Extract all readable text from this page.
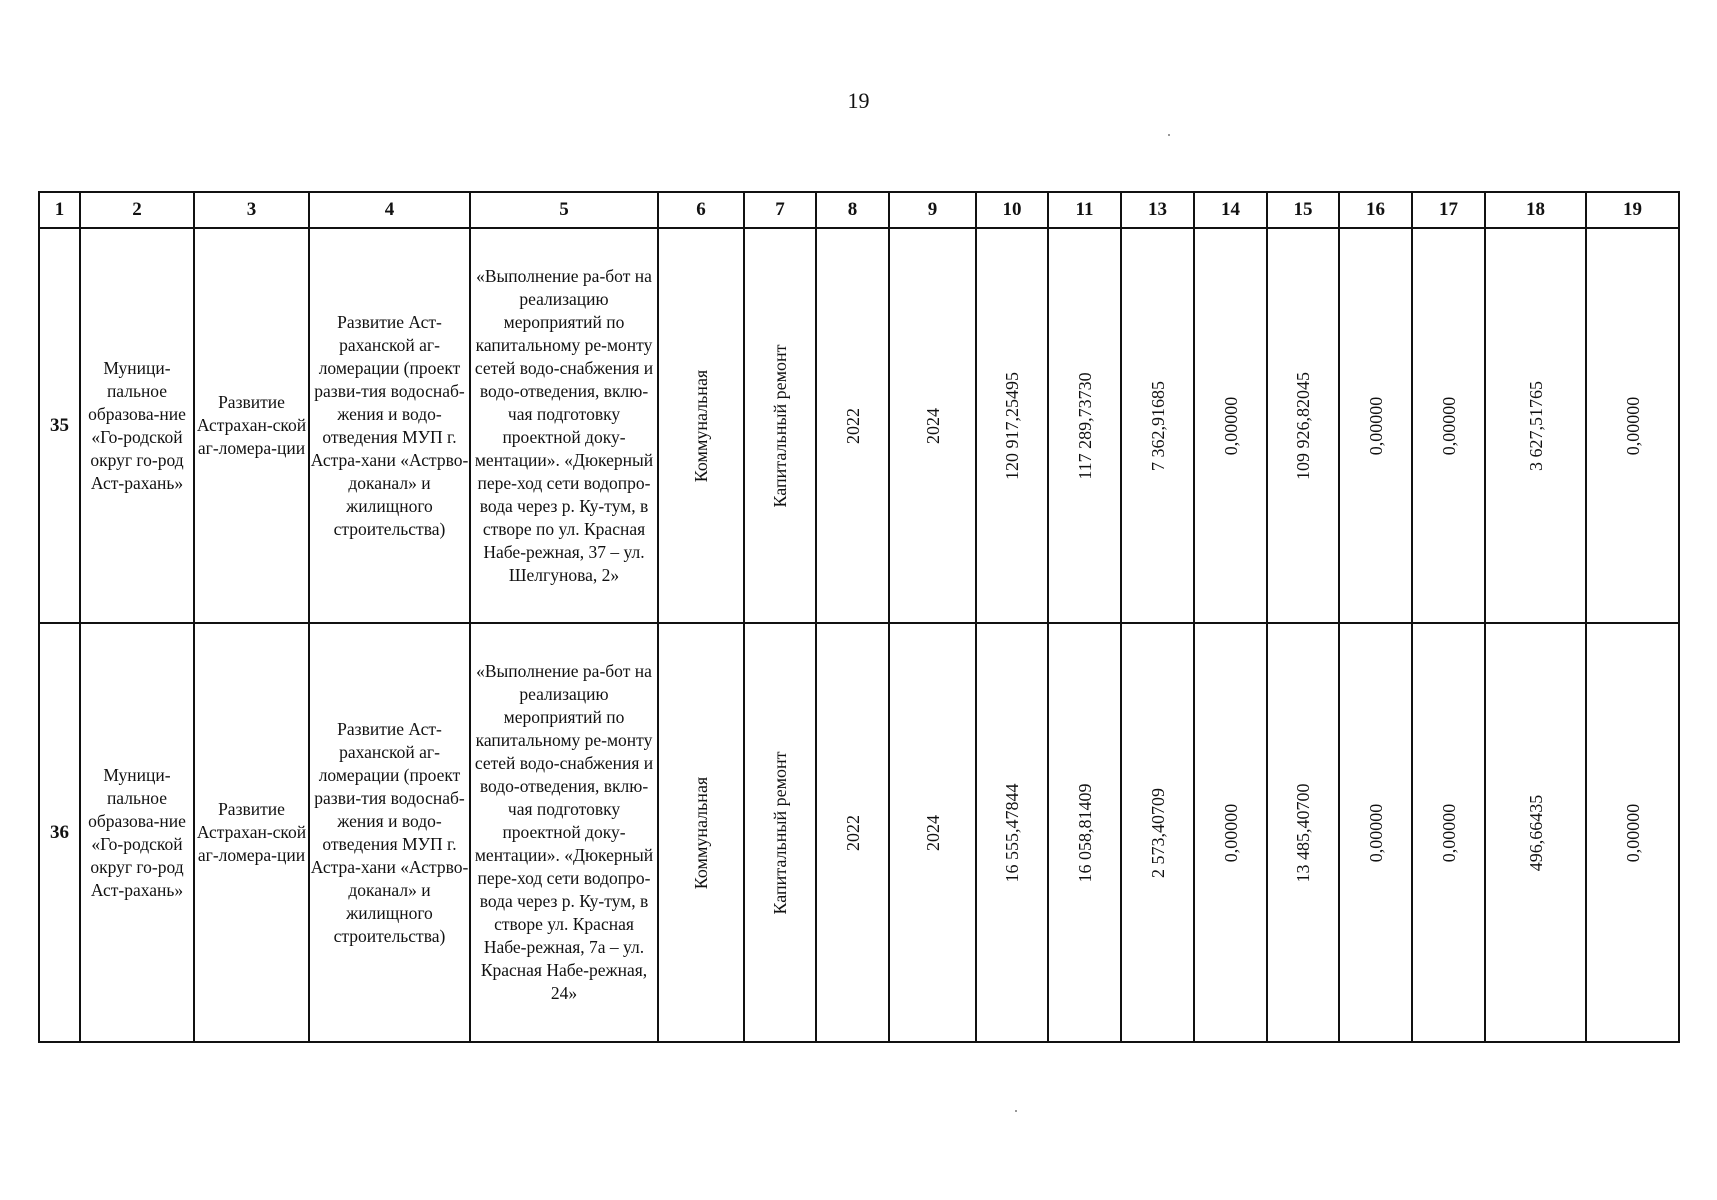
19
1	2	3	4	5	6	7	8	9	10	11	13	14	15	16	17	18	19
35	Муници-пальное образова-ние «Го-родской округ го-род Аст-рахань»	Развитие Астрахан-ской аг-ломера-ции	Развитие Аст-раханской аг-ломерации (проект разви-тия водоснаб-жения и водо-отведения МУП г. Астра-хани «Астрво-доканал» и жилищного строительства)	«Выполнение ра-бот на реализацию мероприятий по капитальному ре-монту сетей водо-снабжения и водо-отведения, вклю-чая подготовку проектной доку-ментации». «Дюкерный пере-ход сети водопро-вода через р. Ку-тум, в створе по ул. Красная Набе-режная, 37 – ул. Шелгунова, 2»	Коммунальная	Капитальный ремонт	2022	2024	120 917,25495	117 289,73730	7 362,91685	0,00000	109 926,82045	0,00000	0,00000	3 627,51765	0,00000

36	Муници-пальное образова-ние «Го-родской округ го-род Аст-рахань»	Развитие Астрахан-ской аг-ломера-ции	Развитие Аст-раханской аг-ломерации (проект разви-тия водоснаб-жения и водо-отведения МУП г. Астра-хани «Астрво-доканал» и жилищного строительства)	«Выполнение ра-бот на реализацию мероприятий по капитальному ре-монту сетей водо-снабжения и водо-отведения, вклю-чая подготовку проектной доку-ментации». «Дюкерный пере-ход сети водопро-вода через р. Ку-тум, в створе ул. Красная Набе-режная, 7а – ул. Красная Набе-режная, 24»	Коммунальная	Капитальный ремонт	2022	2024	16 555,47844	16 058,81409	2 573,40709	0,00000	13 485,40700	0,00000	0,00000	496,66435	0,00000
